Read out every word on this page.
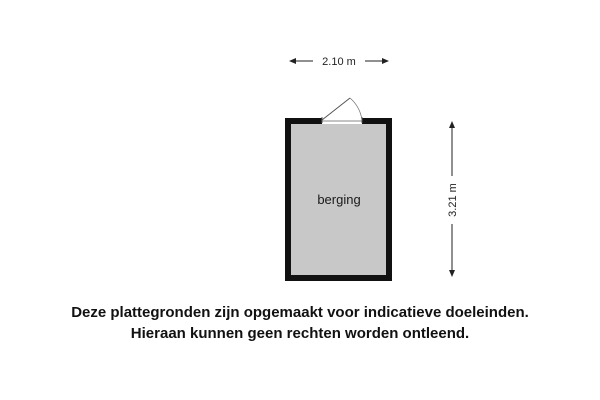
2.10 m
3.21 m
berging
Deze plattegronden zijn opgemaakt voor indicatieve doeleinden.
Hieraan kunnen geen rechten worden ontleend.
